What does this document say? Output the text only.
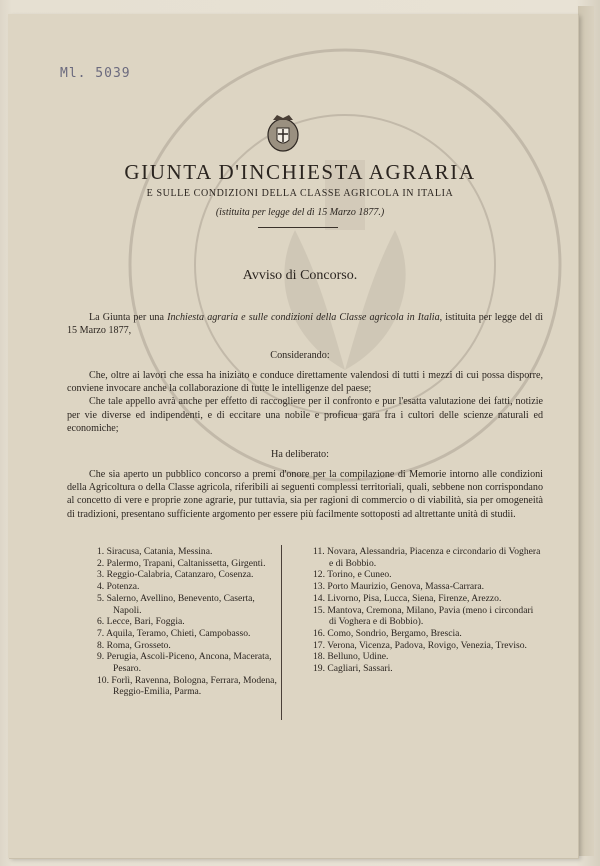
Ml. 5039
GIUNTA D'INCHIESTA AGRARIA
E SULLE CONDIZIONI DELLA CLASSE AGRICOLA IN ITALIA
(istituita per legge del dì 15 Marzo 1877.)
Avviso di Concorso.
La Giunta per una Inchiesta agraria e sulle condizioni della Classe agricola in Italia, istituita per legge del dì 15 Marzo 1877,
Considerando:
Che, oltre ai lavori che essa ha iniziato e conduce direttamente valendosi di tutti i mezzi di cui possa disporre, conviene invocare anche la collaborazione di tutte le intelligenze del paese;
Che tale appello avrà anche per effetto di raccogliere per il confronto e pur l'esatta valutazione dei fatti, notizie per vie diverse ed indipendenti, e di eccitare una nobile e proficua gara fra i cultori delle scienze naturali ed economiche;
Ha deliberato:
Che sia aperto un pubblico concorso a premi d'onore per la compilazione di Memorie intorno alle condizioni della Agricoltura o della Classe agricola, riferibili ai seguenti complessi territoriali, quali, sebbene non corrispondano al concetto di vere e proprie zone agrarie, pur tuttavia, sia per ragioni di commercio o di viabilità, sia per omogeneità di tradizioni, presentano sufficiente argomento per essere più facilmente sottoposti ad altrettante unità di studii.
1. Siracusa, Catania, Messina.
2. Palermo, Trapani, Caltanissetta, Girgenti.
3. Reggio-Calabria, Catanzaro, Cosenza.
4. Potenza.
5. Salerno, Avellino, Benevento, Caserta, Napoli.
6. Lecce, Bari, Foggia.
7. Aquila, Teramo, Chieti, Campobasso.
8. Roma, Grosseto.
9. Perugia, Ascoli-Piceno, Ancona, Macerata, Pesaro.
10. Forlì, Ravenna, Bologna, Ferrara, Modena, Reggio-Emilia, Parma.
11. Novara, Alessandria, Piacenza e circondario di Voghera e di Bobbio.
12. Torino, e Cuneo.
13. Porto Maurizio, Genova, Massa-Carrara.
14. Livorno, Pisa, Lucca, Siena, Firenze, Arezzo.
15. Mantova, Cremona, Milano, Pavia (meno i circondari di Voghera e di Bobbio).
16. Como, Sondrio, Bergamo, Brescia.
17. Verona, Vicenza, Padova, Rovigo, Venezia, Treviso.
18. Belluno, Udine.
19. Cagliari, Sassari.
